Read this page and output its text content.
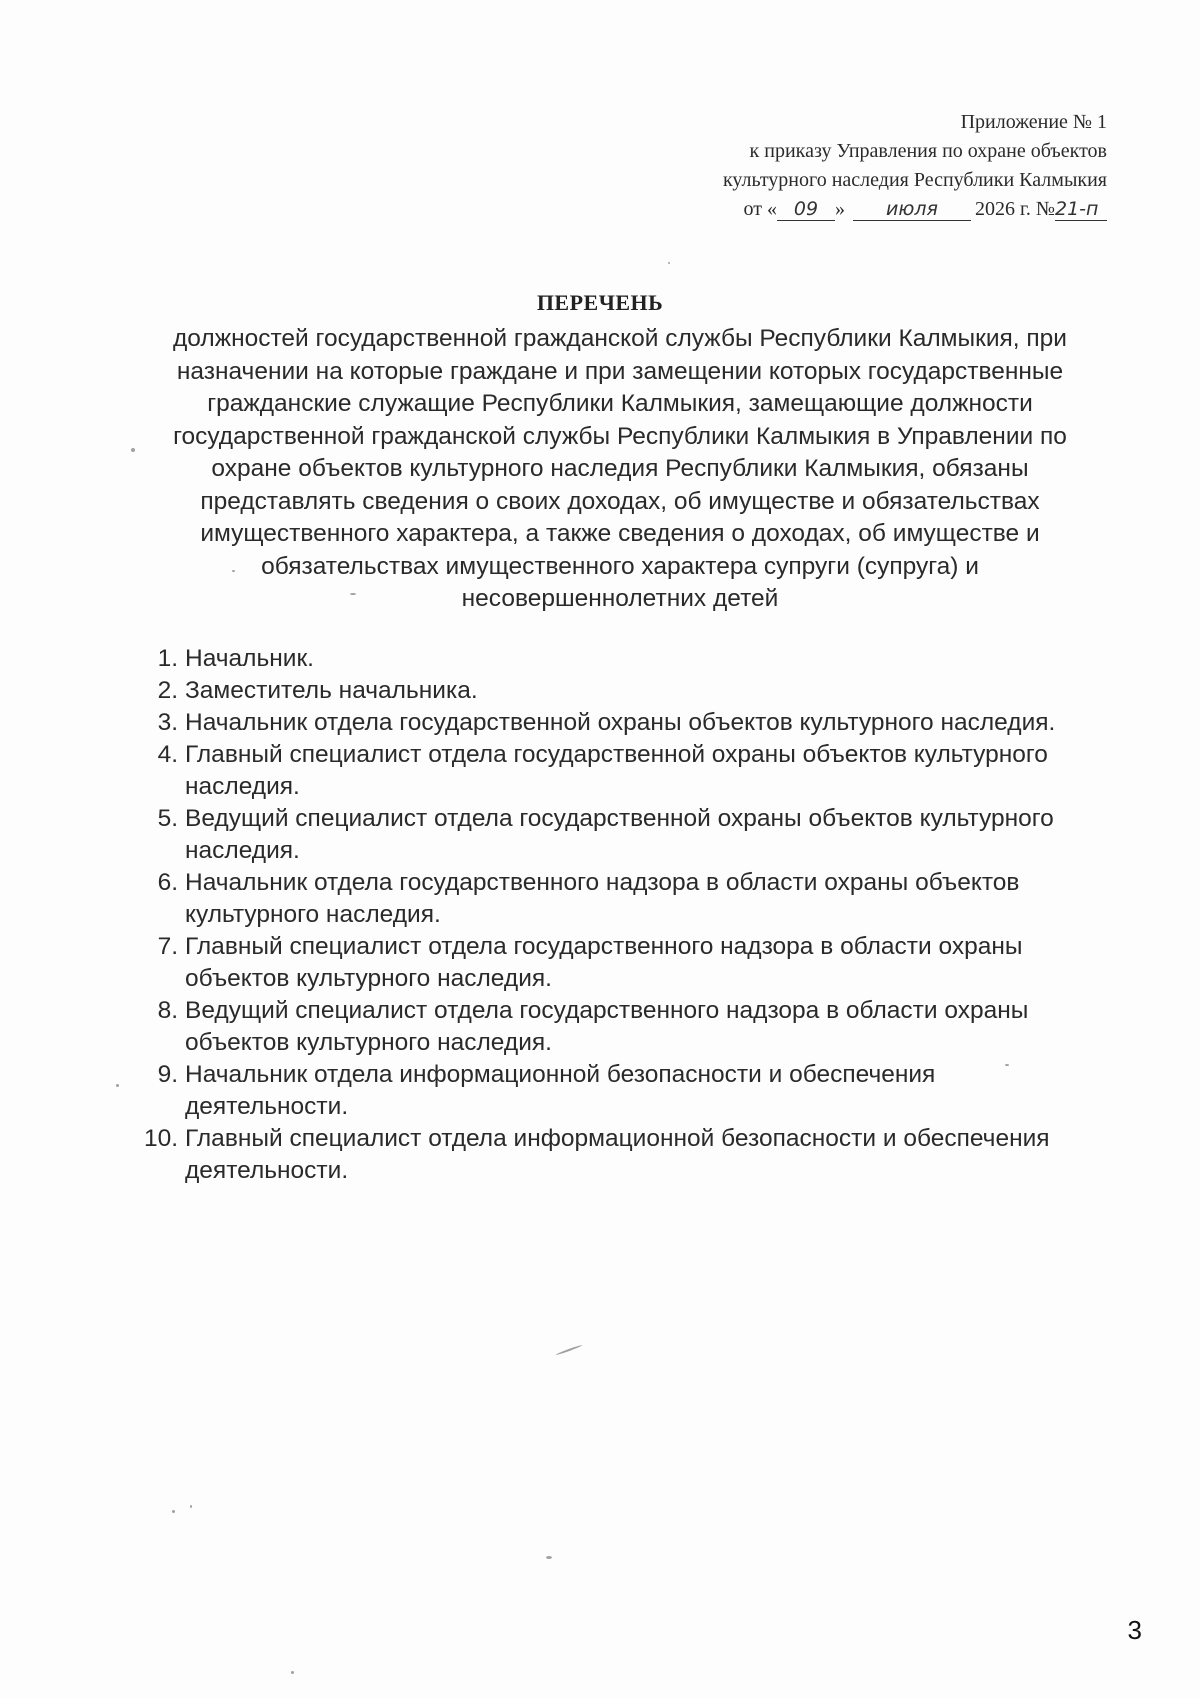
Приложение № 1
к приказу Управления по охране объектов
культурного наследия Республики Калмыкия
от « 09 » июля 2026 г. №21-п
ПЕРЕЧЕНЬ
должностей государственной гражданской службы Республики Калмыкия, при
назначении на которые граждане и при замещении которых государственные
гражданские служащие Республики Калмыкия, замещающие должности
государственной гражданской службы Республики Калмыкия в Управлении по
охране объектов культурного наследия Республики Калмыкия, обязаны
представлять сведения о своих доходах, об имуществе и обязательствах
имущественного характера, а также сведения о доходах, об имуществе и
обязательствах имущественного характера супруги (супруга) и
несовершеннолетних детей
1. Начальник.
2. Заместитель начальника.
3. Начальник отдела государственной охраны объектов культурного наследия.
4. Главный специалист отдела государственной охраны объектов культурного
наследия.
5. Ведущий специалист отдела государственной охраны объектов культурного
наследия.
6. Начальник отдела государственного надзора в области охраны объектов
культурного наследия.
7. Главный специалист отдела государственного надзора в области охраны
объектов культурного наследия.
8. Ведущий специалист отдела государственного надзора в области охраны
объектов культурного наследия.
9. Начальник отдела информационной безопасности и обеспечения
деятельности.
10. Главный специалист отдела информационной безопасности и обеспечения
деятельности.
3
